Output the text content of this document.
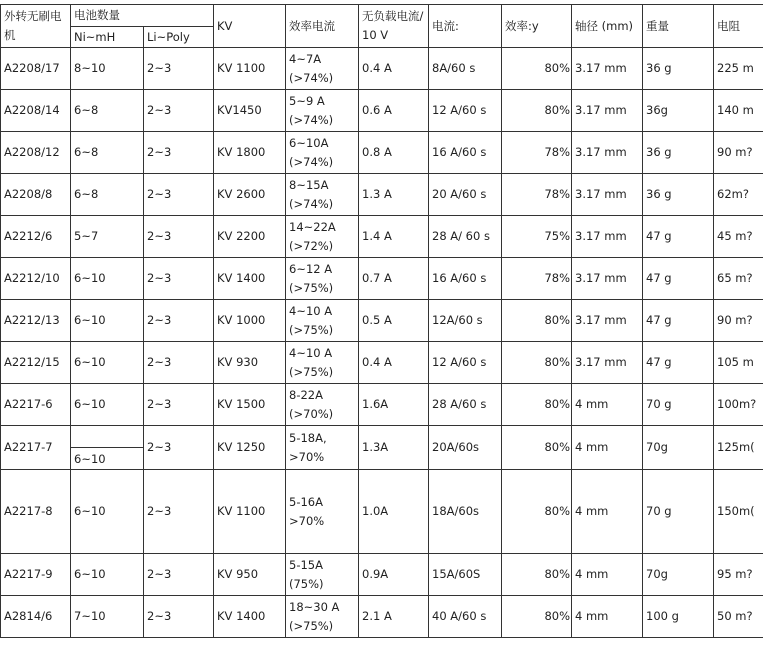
外转无刷电
机	电池数量		KV	效率电流	无负载电流/
10 V	电流:	效率:y	轴径 (mm)	重量	电阻	
	Ni~mH	Li~Poly									
A2208/17	8~10	2~3	KV 1100	4~7A
(>74%)	0.4 A	8A/60 s	80%	3.17 mm	36 g	225 m	
A2208/14	6~8	2~3	KV1450	5~9 A
(>74%)	0.6 A	12 A/60 s	80%	3.17 mm	36g	140 m	
A2208/12	6~8	2~3	KV 1800	6~10A
(>74%)	0.8 A	16 A/60 s	78%	3.17 mm	36 g	90 m?	
A2208/8	6~8	2~3	KV 2600	8~15A
(>74%)	1.3 A	20 A/60 s	78%	3.17 mm	36 g	62m?	
A2212/6	5~7	2~3	KV 2200	14~22A
(>72%)	1.4 A	28 A/ 60 s	75%	3.17 mm	47 g	45 m?	
A2212/10	6~10	2~3	KV 1400	6~12 A
(>75%)	0.7 A	16 A/60 s	78%	3.17 mm	47 g	65 m?	
A2212/13	6~10	2~3	KV 1000	4~10 A
(>75%)	0.5 A	12A/60 s	80%	3.17 mm	47 g	90 m?	
A2212/15	6~10	2~3	KV 930	4~10 A
(>75%)	0.4 A	12 A/60 s	80%	3.17 mm	47 g	105 m	
A2217-6	6~10	2~3	KV 1500	8-22A
(>70%)	1.6A	28 A/60 s	80%	4 mm	70 g	100m?	
A2217-7	6~10	2~3	KV 1250	5-18A,
>70%	1.3A	20A/60s	80%	4 mm	70g	125m(	
A2217-8	6~10	2~3	KV 1100	5-16A
>70%	1.0A	18A/60s	80%	4 mm	70 g	150m(	
A2217-9	6~10	2~3	KV 950	5-15A
(75%)	0.9A	15A/60S	80%	4 mm	70g	95 m?	
A2814/6	7~10	2~3	KV 1400	18~30 A
(>75%)	2.1 A	40 A/60 s	80%	4 mm	100 g	50 m?	
